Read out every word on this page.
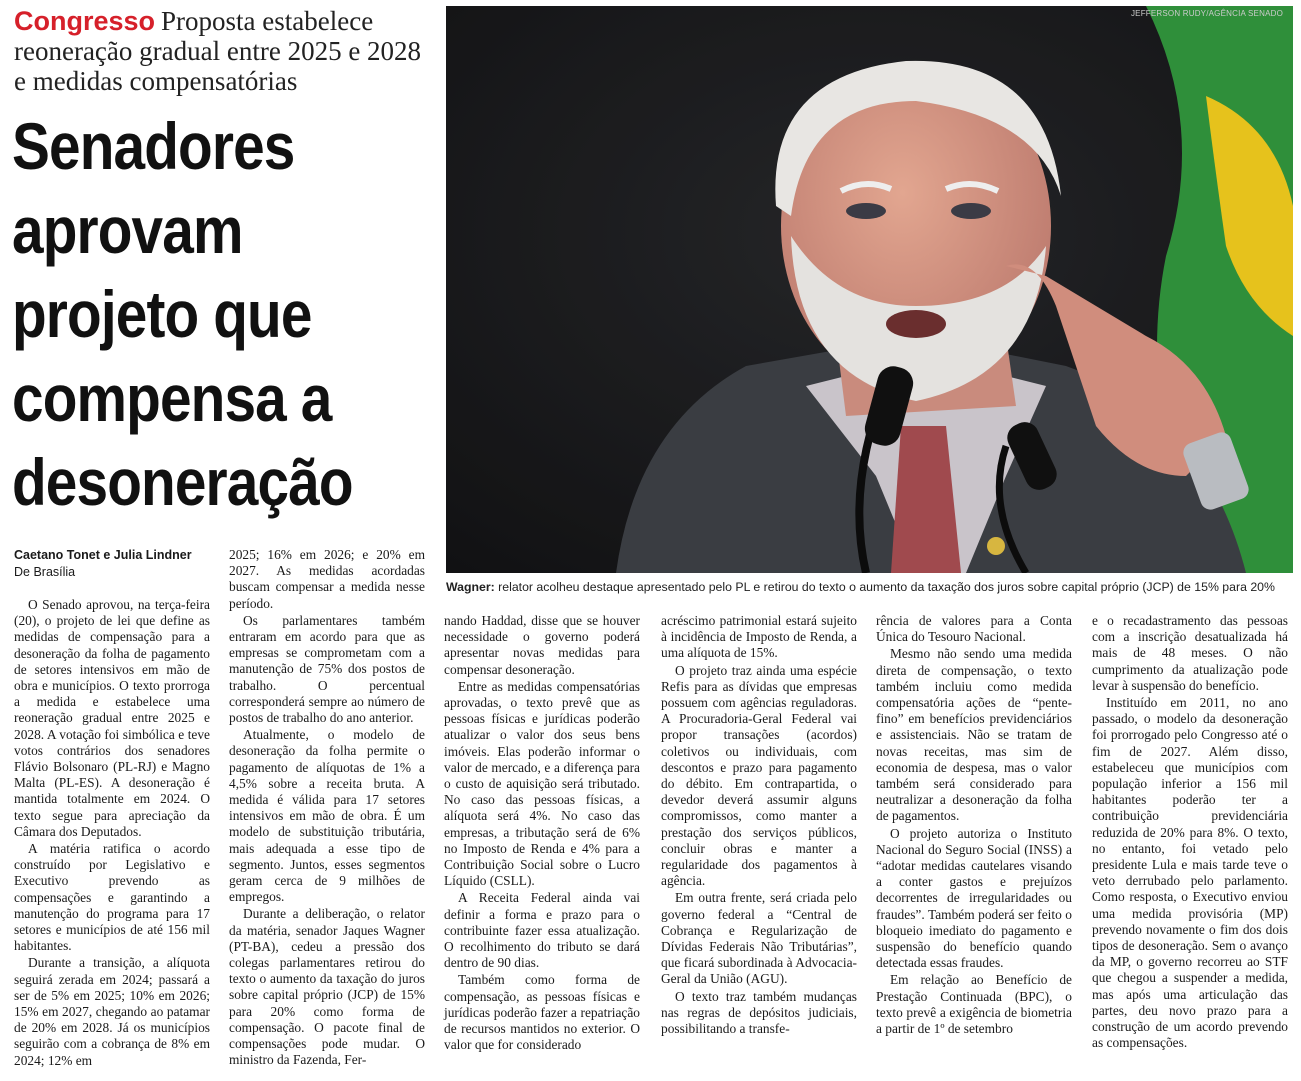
Congresso Proposta estabelece reoneração gradual entre 2025 e 2028 e medidas compensatórias
Senadores
aprovam
projeto que
compensa a
desoneração
JEFFERSON RUDY/AGÊNCIA SENADO
Wagner: relator acolheu destaque apresentado pelo PL e retirou do texto o aumento da taxação dos juros sobre capital próprio (JCP) de 15% para 20%
Caetano Tonet e Julia Lindner
De Brasília

O Senado aprovou, na terça-feira (20), o projeto de lei que define as medidas de compensação para a desoneração da folha de pagamento de setores intensivos em mão de obra e municípios. O texto prorroga a medida e estabelece uma reoneração gradual entre 2025 e 2028. A votação foi simbólica e teve votos contrários dos senadores Flávio Bolsonaro (PL-RJ) e Magno Malta (PL-ES). A desoneração é mantida totalmente em 2024. O texto segue para apreciação da Câmara dos Deputados.

A matéria ratifica o acordo construído por Legislativo e Executivo prevendo as compensações e garantindo a manutenção do programa para 17 setores e municípios de até 156 mil habitantes.

Durante a transição, a alíquota seguirá zerada em 2024; passará a ser de 5% em 2025; 10% em 2026; 15% em 2027, chegando ao patamar de 20% em 2028. Já os municípios seguirão com a cobrança de 8% em 2024; 12% em

2025; 16% em 2026; e 20% em 2027. As medidas acordadas buscam compensar a medida nesse período.

Os parlamentares também entraram em acordo para que as empresas se comprometam com a manutenção de 75% dos postos de trabalho. O percentual corresponderá sempre ao número de postos de trabalho do ano anterior.

Atualmente, o modelo de desoneração da folha permite o pagamento de alíquotas de 1% a 4,5% sobre a receita bruta. A medida é válida para 17 setores intensivos em mão de obra. É um modelo de substituição tributária, mais adequada a esse tipo de segmento. Juntos, esses segmentos geram cerca de 9 milhões de empregos.

Durante a deliberação, o relator da matéria, senador Jaques Wagner (PT-BA), cedeu a pressão dos colegas parlamentares retirou do texto o aumento da taxação do juros sobre capital próprio (JCP) de 15% para 20% como forma de compensação. O pacote final de compensações pode mudar. O ministro da Fazenda, Fer-

nando Haddad, disse que se houver necessidade o governo poderá apresentar novas medidas para compensar desoneração.

Entre as medidas compensatórias aprovadas, o texto prevê que as pessoas físicas e jurídicas poderão atualizar o valor dos seus bens imóveis. Elas poderão informar o valor de mercado, e a diferença para o custo de aquisição será tributado. No caso das pessoas físicas, a alíquota será 4%. No caso das empresas, a tributação será de 6% no Imposto de Renda e 4% para a Contribuição Social sobre o Lucro Líquido (CSLL).

A Receita Federal ainda vai definir a forma e prazo para o contribuinte fazer essa atualização. O recolhimento do tributo se dará dentro de 90 dias.

Também como forma de compensação, as pessoas físicas e jurídicas poderão fazer a repatriação de recursos mantidos no exterior. O valor que for considerado

acréscimo patrimonial estará sujeito à incidência de Imposto de Renda, a uma alíquota de 15%.

O projeto traz ainda uma espécie Refis para as dívidas que empresas possuem com agências reguladoras. A Procuradoria-Geral Federal vai propor transações (acordos) coletivos ou individuais, com descontos e prazo para pagamento do débito. Em contrapartida, o devedor deverá assumir alguns compromissos, como manter a prestação dos serviços públicos, concluir obras e manter a regularidade dos pagamentos à agência.

Em outra frente, será criada pelo governo federal a “Central de Cobrança e Regularização de Dívidas Federais Não Tributárias”, que ficará subordinada à Advocacia-Geral da União (AGU).

O texto traz também mudanças nas regras de depósitos judiciais, possibilitando a transfe-

rência de valores para a Conta Única do Tesouro Nacional.

Mesmo não sendo uma medida direta de compensação, o texto também incluiu como medida compensatória ações de “pente-fino” em benefícios previdenciários e assistenciais. Não se tratam de novas receitas, mas sim de economia de despesa, mas o valor também será considerado para neutralizar a desoneração da folha de pagamentos.

O projeto autoriza o Instituto Nacional do Seguro Social (INSS) a “adotar medidas cautelares visando a conter gastos e prejuízos decorrentes de irregularidades ou fraudes”. Também poderá ser feito o bloqueio imediato do pagamento e suspensão do benefício quando detectada essas fraudes.

Em relação ao Benefício de Prestação Continuada (BPC), o texto prevê a exigência de biometria a partir de 1º de setembro

e o recadastramento das pessoas com a inscrição desatualizada há mais de 48 meses. O não cumprimento da atualização pode levar à suspensão do benefício.

Instituído em 2011, no ano passado, o modelo da desoneração foi prorrogado pelo Congresso até o fim de 2027. Além disso, estabeleceu que municípios com população inferior a 156 mil habitantes poderão ter a contribuição previdenciária reduzida de 20% para 8%. O texto, no entanto, foi vetado pelo presidente Lula e mais tarde teve o veto derrubado pelo parlamento. Como resposta, o Executivo enviou uma medida provisória (MP) prevendo novamente o fim dos dois tipos de desoneração. Sem o avanço da MP, o governo recorreu ao STF que chegou a suspender a medida, mas após uma articulação das partes, deu novo prazo para a construção de um acordo prevendo as compensações.
